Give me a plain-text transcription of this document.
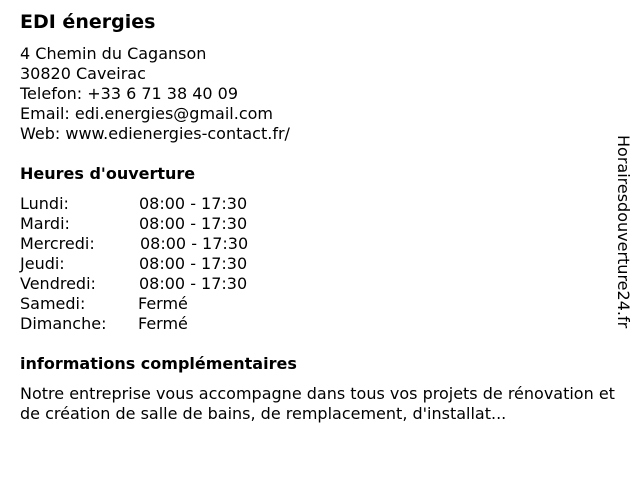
EDI énergies
4 Chemin du Caganson
30820 Caveirac
Telefon: +33 6 71 38 40 09
Email: edi.energies@gmail.com
Web: www.edienergies-contact.fr/
Heures d'ouverture
Lundi:	08:00 - 17:30
Mardi:	08:00 - 17:30
Mercredi:	08:00 - 17:30
Jeudi:	08:00 - 17:30
Vendredi:	08:00 - 17:30
Samedi:	Fermé
Dimanche: Fermé
informations complémentaires
Notre entreprise vous accompagne dans tous vos projets de rénovation et de création de salle de bains, de remplacement, d'installat...
Horairesdouverture24.fr
